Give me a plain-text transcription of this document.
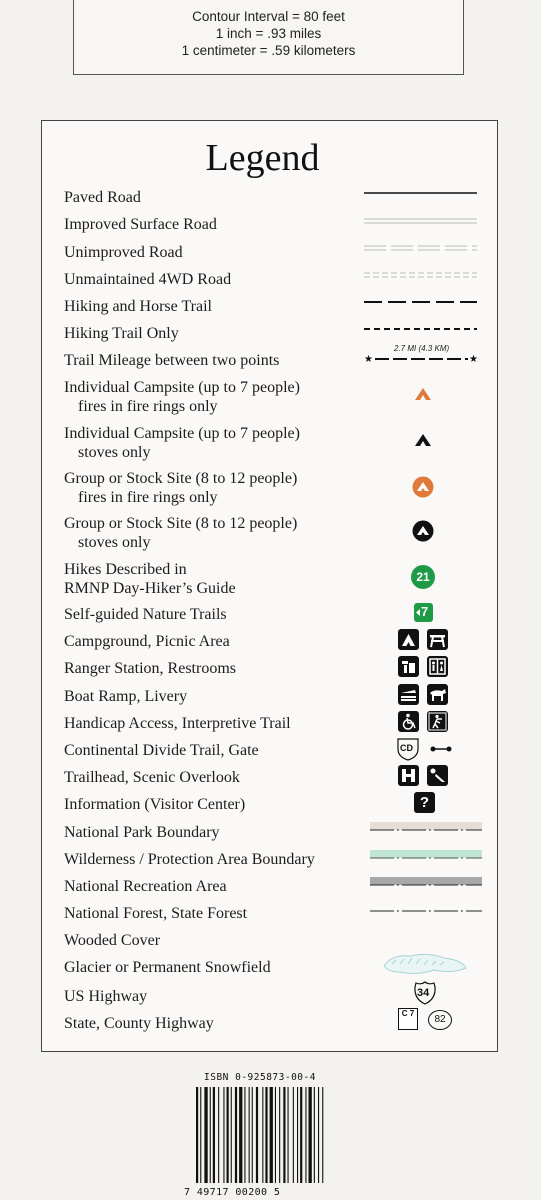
Contour Interval = 80 feet
1 inch = .93 miles
1 centimeter = .59 kilometers
Legend
Paved Road
Improved Surface Road
Unimproved Road
Unmaintained 4WD Road
Hiking and Horse Trail
Hiking Trail Only
Trail Mileage between two points
Individual Campsite (up to 7 people)
fires in fire rings only
Individual Campsite (up to 7 people)
stoves only
Group or Stock Site (8 to 12 people)
fires in fire rings only
Group or Stock Site (8 to 12 people)
stoves only
Hikes Described in
RMNP Day-Hiker’s Guide
Self-guided Nature Trails
Campground, Picnic Area
Ranger Station, Restrooms
Boat Ramp, Livery
Handicap Access, Interpretive Trail
Continental Divide Trail, Gate
Trailhead, Scenic Overlook
Information (Visitor Center)
National Park Boundary
Wilderness / Protection Area Boundary
National Recreation Area
National Forest, State Forest
Wooded Cover
Glacier or Permanent Snowfield
US Highway
State, County Highway
2.7 MI (4.3 KM)
★	★
21
7
CD
?
34
C 7
82
ISBN 0-925873-00-4
7 49717 00200 5
